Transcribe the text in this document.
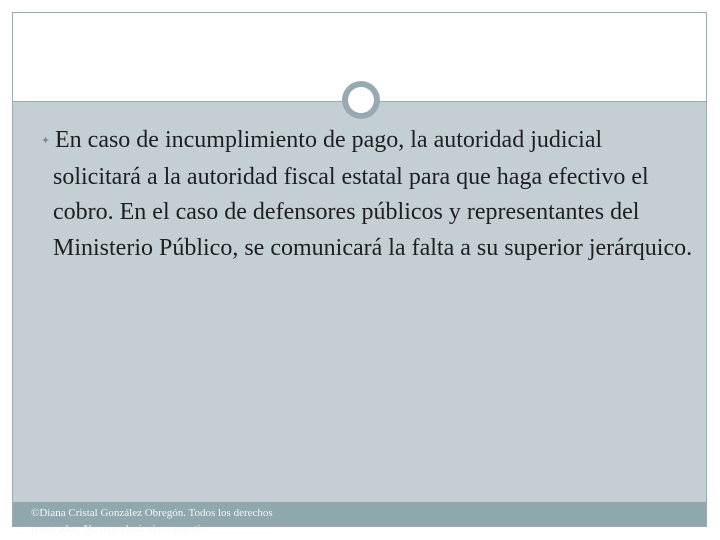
✦ En caso de incumplimiento de pago, la autoridad judicial solicitará a la autoridad fiscal estatal para que haga efectivo el cobro. En el caso de defensores públicos y representantes del Ministerio Público, se comunicará la falta a su superior jerárquico.

©Diana Cristal González Obregón. Todos los derechos reservados. No reproducir sin consentir
